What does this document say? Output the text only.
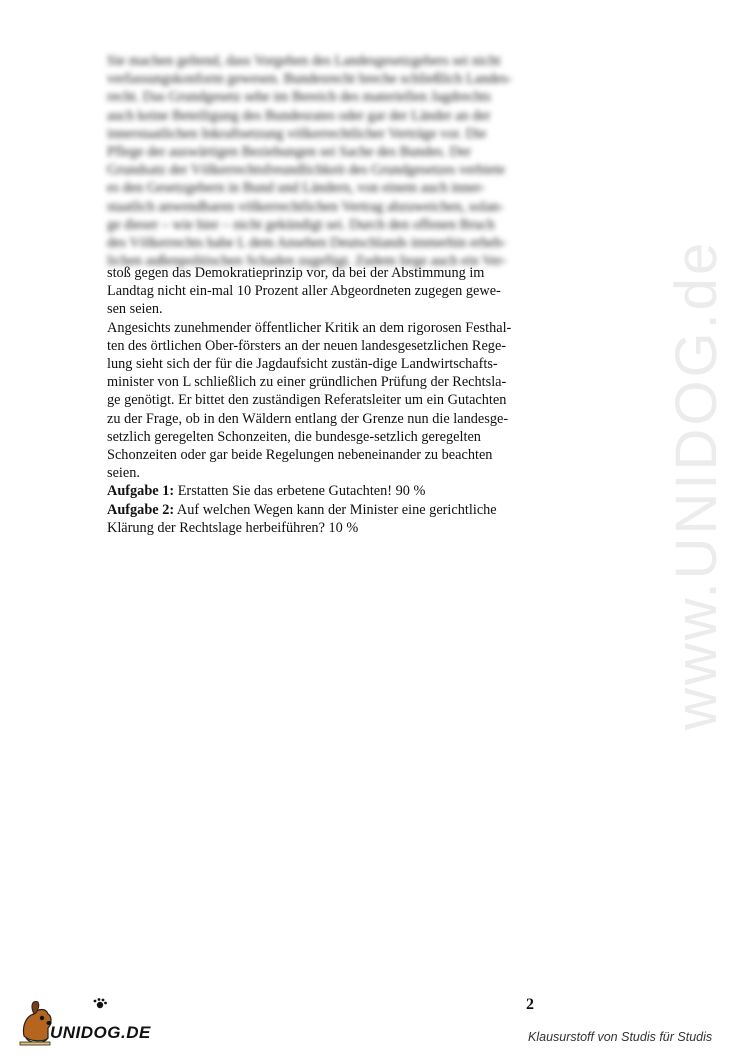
www.UNIDOG.de
Sie machen geltend, dass Vorgehen des Landesgesetzgebers sei nicht
verfassungskonform gewesen. Bundesrecht breche schließlich Landes-
recht. Das Grundgesetz sehe im Bereich des materiellen Jagdrechts
auch keine Beteiligung des Bundesrates oder gar der Länder an der
innerstaatlichen Inkraftsetzung völkerrechtlicher Verträge vor. Die
Pflege der auswärtigen Beziehungen sei Sache des Bundes. Der
Grundsatz der Völkerrechtsfreundlichkeit des Grundgesetzes verbiete
es den Gesetzgebern in Bund und Ländern, von einem auch inner-
staatlich anwendbaren völkerrechtlichen Vertrag abzuweichen, solan-
ge dieser – wie hier – nicht gekündigt sei. Durch den offenen Bruch
des Völkerrechts habe L dem Ansehen Deutschlands immerhin erheb-
lichen außenpolitischen Schaden zugefügt. Zudem liege auch ein Ver-
stoß gegen das Demokratieprinzip vor, da bei der Abstimmung im
Landtag nicht ein-mal 10 Prozent aller Abgeordneten zugegen gewe-
sen seien.
Angesichts zunehmender öffentlicher Kritik an dem rigorosen Festhal-
ten des örtlichen Ober-försters an der neuen landesgesetzlichen Rege-
lung sieht sich der für die Jagdaufsicht zustän-dige Landwirtschafts-
minister von L schließlich zu einer gründlichen Prüfung der Rechtsla-
ge genötigt. Er bittet den zuständigen Referatsleiter um ein Gutachten
zu der Frage, ob in den Wäldern entlang der Grenze nun die landesge-
setzlich geregelten Schonzeiten, die bundesge-setzlich geregelten
Schonzeiten oder gar beide Regelungen nebeneinander zu beachten
seien.
Aufgabe 1: Erstatten Sie das erbetene Gutachten! 90 %
Aufgabe 2: Auf welchen Wegen kann der Minister eine gerichtliche
Klärung der Rechtslage herbeiführen? 10 %
2
UNIDOG.DE	Klausurstoff von Studis für Studis
